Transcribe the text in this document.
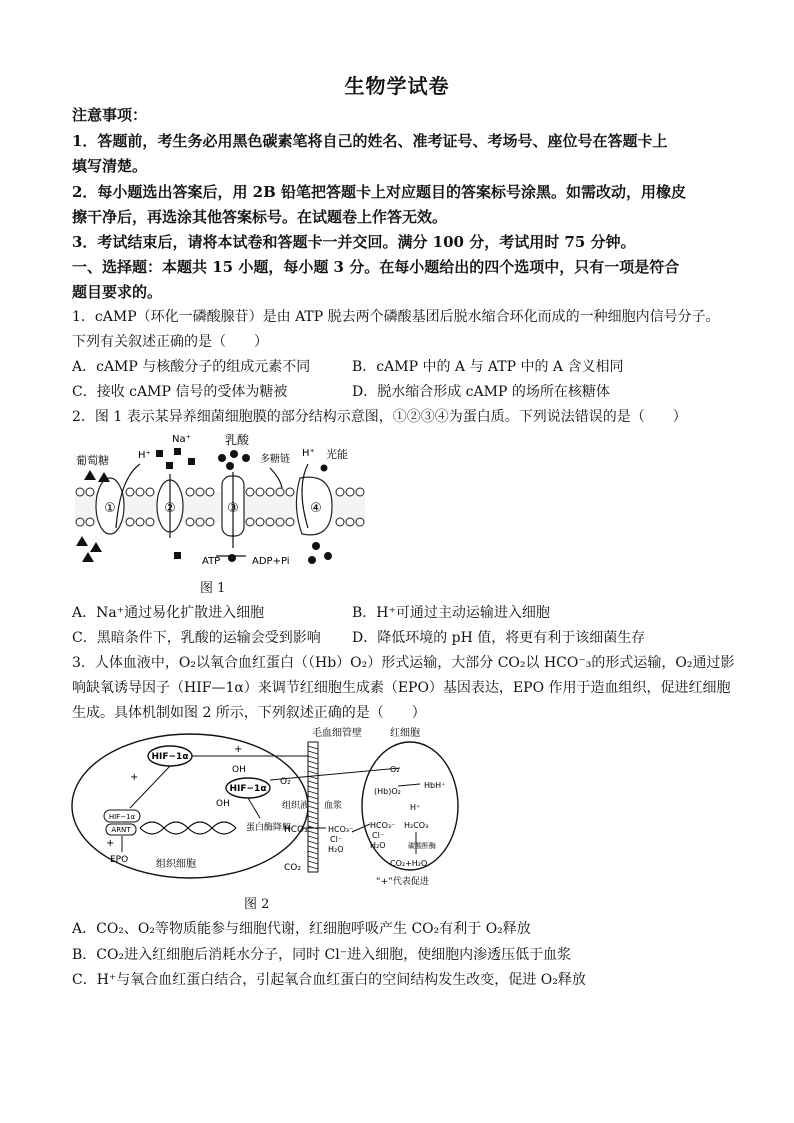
生物学试卷
注意事项：
1．答题前，考生务必用黑色碳素笔将自己的姓名、准考证号、考场号、座位号在答题卡上
填写清楚。
2．每小题选出答案后，用 2B 铅笔把答题卡上对应题目的答案标号涂黑。如需改动，用橡皮
擦干净后，再选涂其他答案标号。在试题卷上作答无效。
3．考试结束后，请将本试卷和答题卡一并交回。满分 100 分，考试用时 75 分钟。
一、选择题：本题共 15 小题，每小题 3 分。在每小题给出的四个选项中，只有一项是符合
题目要求的。
1．cAMP（环化一磷酸腺苷）是由 ATP 脱去两个磷酸基团后脱水缩合环化而成的一种细胞内信号分子。
下列有关叙述正确的是（　　）
A．cAMP 与核酸分子的组成元素不同	B．cAMP 中的 A 与 ATP 中的 A 含义相同
C．接收 cAMP 信号的受体为糖被	D．脱水缩合形成 cAMP 的场所在核糖体
2．图 1 表示某异养细菌细胞膜的部分结构示意图，①②③④为蛋白质。下列说法错误的是（　　）
①	②	③	④
葡萄糖	H⁺
Na⁺	乳酸
多糖链
H⁺ 光能
ATP	ADP+Pi
图 1
A．Na⁺通过易化扩散进入细胞	B．H⁺可通过主动运输进入细胞
C．黑暗条件下，乳酸的运输会受到影响 D．降低环境的 pH 值，将更有利于该细菌生存
3．人体血液中，O₂以氧合血红蛋白（（Hb）O₂）形式运输，大部分 CO₂以 HCO⁻₃的形式运输，O₂通过影
响缺氧诱导因子（HIF—1α）来调节红细胞生成素（EPO）基因表达，EPO 作用于造血组织，促进红细胞
生成。具体机制如图 2 所示，下列叙述正确的是（　　）
毛血细管壁	红细胞
HIF−1α
HIF−1α
OH
OH
+
+
+
蛋白酶降解
HIF−1α
ARNT
EPO	组织细胞
O₂
组织液 血浆
HCO₃⁻
CO₂
HCO₃⁻
Cl⁻
H₂O
O₂
(Hb)O₂
HbH⁺
H⁺
HCO₃⁻
Cl⁻
H₂O
H₂CO₃
碳酸酐酶
CO₂+H₂O
“+”代表促进
图 2
A．CO₂、O₂等物质能参与细胞代谢，红细胞呼吸产生 CO₂有利于 O₂释放
B．CO₂进入红细胞后消耗水分子，同时 Cl⁻进入细胞，使细胞内渗透压低于血浆
C．H⁺与氧合血红蛋白结合，引起氧合血红蛋白的空间结构发生改变，促进 O₂释放
